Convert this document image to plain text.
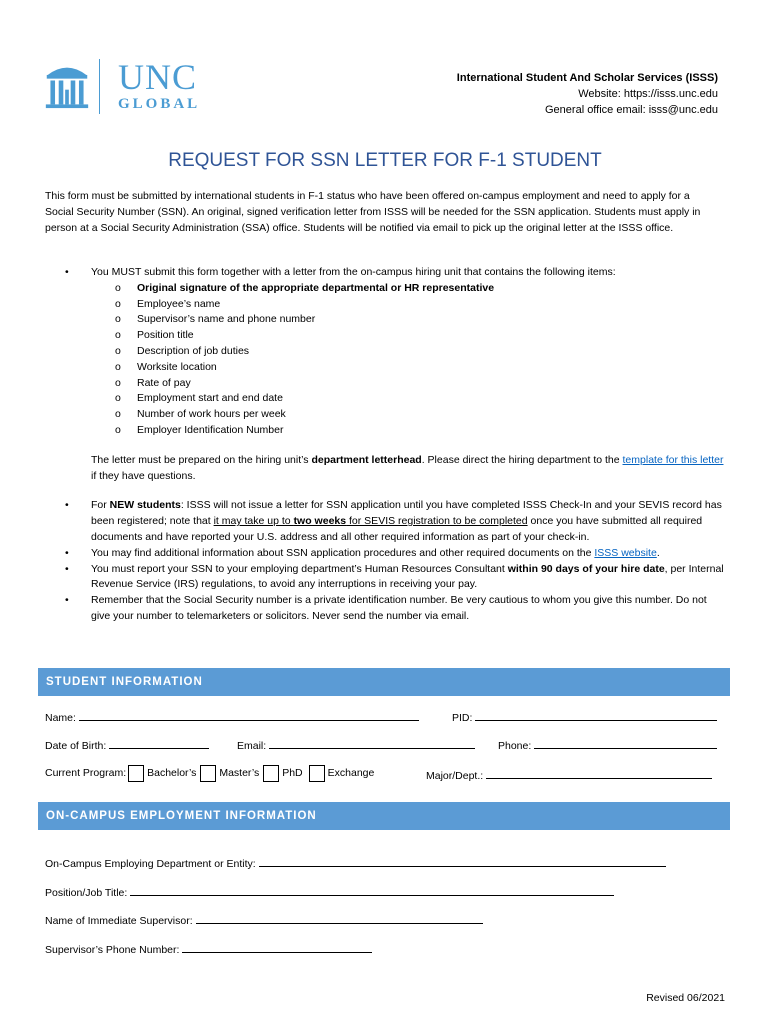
UNC
GLOBAL
International Student And Scholar Services (ISSS)
Website: https://isss.unc.edu
General office email: isss@unc.edu
REQUEST FOR SSN LETTER FOR F-1 STUDENT

This form must be submitted by international students in F-1 status who have been offered on-campus employment and need to apply for a Social Security Number (SSN). An original, signed verification letter from ISSS will be needed for the SSN application. Students must apply in person at a Social Security Administration (SSA) office. Students will be notified via email to pick up the original letter at the ISSS office.

• You MUST submit this form together with a letter from the on-campus hiring unit that contains the following items:
o Original signature of the appropriate departmental or HR representative
o Employee’s name
o Supervisor’s name and phone number
o Position title
o Description of job duties
o Worksite location
o Rate of pay
o Employment start and end date
o Number of work hours per week
o Employer Identification Number
The letter must be prepared on the hiring unit’s department letterhead. Please direct the hiring department to the template for this letter if they have questions.
• For NEW students: ISSS will not issue a letter for SSN application until you have completed ISSS Check-In and your SEVIS record has been registered; note that it may take up to two weeks for SEVIS registration to be completed once you have submitted all required documents and have reported your U.S. address and all other required information as part of your check-in.
• You may find additional information about SSN application procedures and other required documents on the ISSS website.
• You must report your SSN to your employing department’s Human Resources Consultant within 90 days of your hire date, per Internal Revenue Service (IRS) regulations, to avoid any interruptions in receiving your pay.
• Remember that the Social Security number is a private identification number. Be very cautious to whom you give this number. Do not give your number to telemarketers or solicitors. Never send the number via email.
STUDENT INFORMATION
Name:	PID:
Date of Birth:	Email:	Phone:
Current Program: Bachelor’s Master’s PhD Exchange	Major/Dept.:
ON-CAMPUS EMPLOYMENT INFORMATION
On-Campus Employing Department or Entity:
Position/Job Title:
Name of Immediate Supervisor:
Supervisor’s Phone Number:
Revised 06/2021
